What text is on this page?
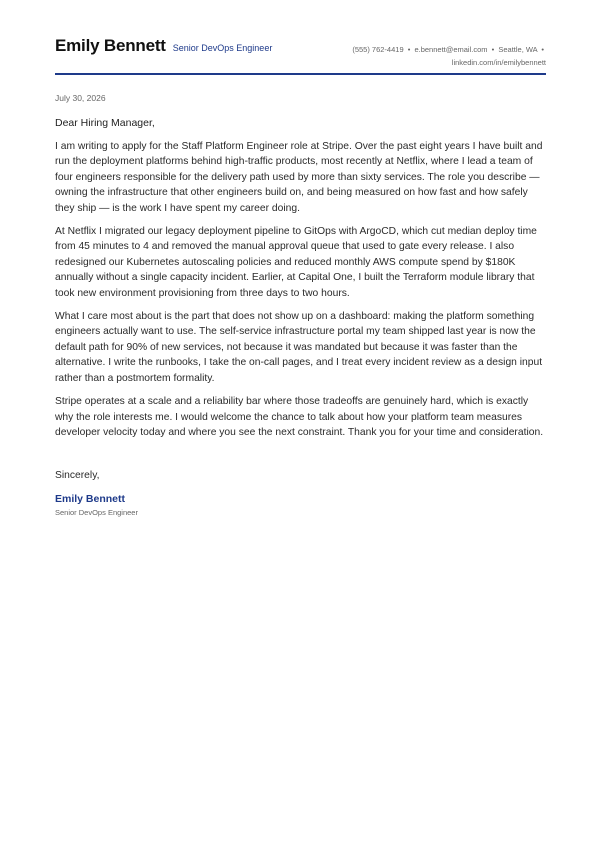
Emily Bennett Senior DevOps Engineer	(555) 762-4419 • e.bennett@email.com • Seattle, WA •
linkedin.com/in/emilybennett
July 30, 2026
Dear Hiring Manager,

I am writing to apply for the Staff Platform Engineer role at Stripe. Over the past eight years I have built and run the deployment platforms behind high-traffic products, most recently at Netflix, where I lead a team of four engineers responsible for the delivery path used by more than sixty services. The role you describe — owning the infrastructure that other engineers build on, and being measured on how fast and how safely they ship — is the work I have spent my career doing.

At Netflix I migrated our legacy deployment pipeline to GitOps with ArgoCD, which cut median deploy time from 45 minutes to 4 and removed the manual approval queue that used to gate every release. I also redesigned our Kubernetes autoscaling policies and reduced monthly AWS compute spend by $180K annually without a single capacity incident. Earlier, at Capital One, I built the Terraform module library that took new environment provisioning from three days to two hours.

What I care most about is the part that does not show up on a dashboard: making the platform something engineers actually want to use. The self-service infrastructure portal my team shipped last year is now the default path for 90% of new services, not because it was mandated but because it was faster than the alternative. I write the runbooks, I take the on-call pages, and I treat every incident review as a design input rather than a postmortem formality.

Stripe operates at a scale and a reliability bar where those tradeoffs are genuinely hard, which is exactly why the role interests me. I would welcome the chance to talk about how your platform team measures developer velocity today and where you see the next constraint. Thank you for your time and consideration.

Sincerely,
Emily Bennett
Senior DevOps Engineer
